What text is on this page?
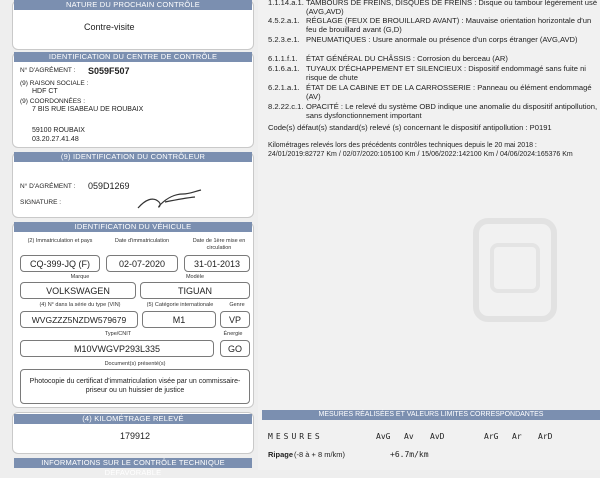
NATURE DU PROCHAIN CONTRÔLE
Contre-visite
IDENTIFICATION DU CENTRE DE CONTRÔLE
N° D'AGRÉMENT : S059F507
(9) RAISON SOCIALE :
HDF CT
(9) COORDONNÉES :
7 BIS RUE ISABEAU DE ROUBAIX
59100 ROUBAIX
03.20.27.41.48
(9) IDENTIFICATION DU CONTRÔLEUR
N° D'AGRÉMENT : 059D1269
SIGNATURE :
IDENTIFICATION DU VÉHICULE
(2) Immatriculation et pays	Date d'immatriculation	Date de 1ère mise en circulation
CQ-399-JQ (F)	02-07-2020	31-01-2013
Marque	Modèle
VOLKSWAGEN	TIGUAN
(4) N° dans la série du type (VIN)	(5) Catégorie internationale	Genre
WVGZZZ5NZDW579679	M1	VP
Type/CNIT	Énergie
M10VWGVP293L335	GO
Document(s) présenté(s)
Photocopie du certificat d'immatriculation visée par un commissaire-priseur ou un huissier de justice
(4) KILOMÉTRAGE RELEVÉ
179912
INFORMATIONS SUR LE CONTRÔLE TECHNIQUE DÉFAVORABLE
1.1.14.a.1. TAMBOURS DE FREINS, DISQUES DE FREINS : Disque ou tambour légèrement usé (AVG,AVD)
4.5.2.a.1. RÉGLAGE (FEUX DE BROUILLARD AVANT) : Mauvaise orientation horizontale d'un feu de brouillard avant (G,D)
5.2.3.e.1. PNEUMATIQUES : Usure anormale ou présence d'un corps étranger (AVG,AVD)
6.1.1.f.1.	ÉTAT GÉNÉRAL DU CHÂSSIS : Corrosion du berceau (AR)
6.1.6.a.1. TUYAUX D'ÉCHAPPEMENT ET SILENCIEUX : Dispositif endommagé sans fuite ni risque de chute
6.2.1.a.1. ÉTAT DE LA CABINE ET DE LA CARROSSERIE : Panneau ou élément endommagé (AV)
8.2.22.c.1. OPACITÉ : Le relevé du système OBD indique une anomalie du dispositif antipollution, sans dysfonctionnement important
Code(s) défaut(s) standard(s) relevé (s) concernant le dispositif antipollution : P0191
Kilométrages relevés lors des précédents contrôles techniques depuis le 20 mai 2018 : 24/01/2019:82727 Km / 02/07/2020:105100 Km / 15/06/2022:142100 Km / 04/06/2024:165376 Km
MESURES RÉALISÉES ET VALEURS LIMITES CORRESPONDANTES
MESURES	AvG Av AvD	ArG Ar ArD
Ripage (-8 à + 8 m/km)	+6.7m/km
